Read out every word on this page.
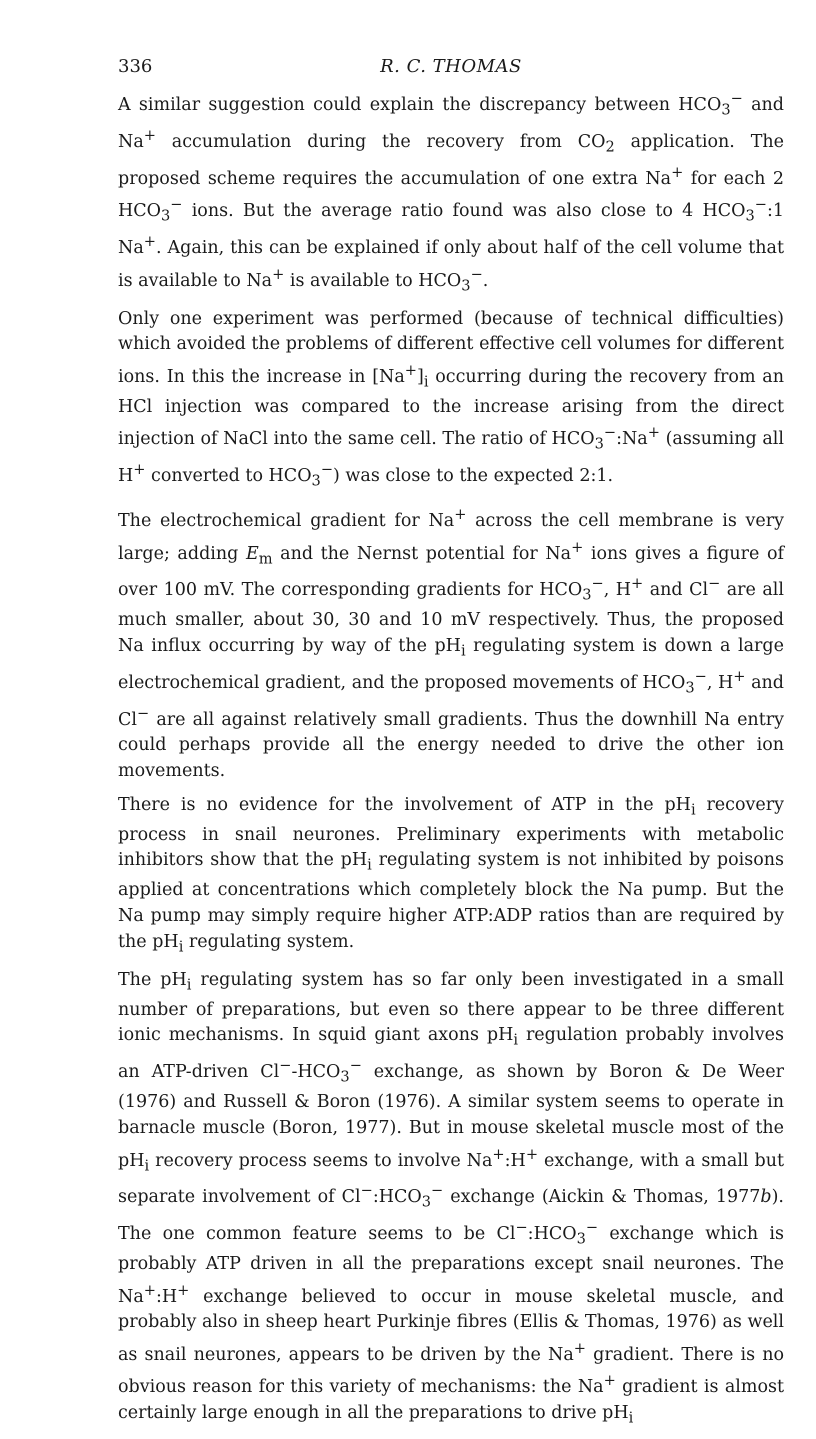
336	R. C. THOMAS

A similar suggestion could explain the discrepancy between $HCO_3^-$ and Na+ accumulation during the recovery from $CO_2$ application. The proposed scheme requires the accumulation of one extra Na+ for each 2 $HCO_3^-$ ions. But the average ratio found was also close to 4 $HCO_3^-:1$ Na+. Again, this can be explained if only about half of the cell volume that is available to Na+ is available to $HCO_3^-$.

Only one experiment was performed (because of technical difficulties) which avoided the problems of different effective cell volumes for different ions. In this the increase in $[Na^+]_i$ occurring during the recovery from an HCl injection was compared to the increase arising from the direct injection of NaCl into the same cell. The ratio of $HCO_3^-:Na^+$ (assuming all H+ converted to $HCO_3^-$) was close to the expected 2:1.

The electrochemical gradient for Na+ across the cell membrane is very large; adding $E_m$ and the Nernst potential for Na+ ions gives a figure of over 100 mV. The corresponding gradients for $HCO_3^-$, H+ and Cl− are all much smaller, about 30, 30 and 10 mV respectively. Thus, the proposed Na influx occurring by way of the $pH_i$ regulating system is down a large electrochemical gradient, and the proposed movements of $HCO_3^-$, H+ and Cl− are all against relatively small gradients. Thus the downhill Na entry could perhaps provide all the energy needed to drive the other ion movements.

There is no evidence for the involvement of ATP in the $pH_i$ recovery process in snail neurones. Preliminary experiments with metabolic inhibitors show that the $pH_i$ regulating system is not inhibited by poisons applied at concentrations which completely block the Na pump. But the Na pump may simply require higher ATP:ADP ratios than are required by the $pH_i$ regulating system.

The $pH_i$ regulating system has so far only been investigated in a small number of preparations, but even so there appear to be three different ionic mechanisms. In squid giant axons $pH_i$ regulation probably involves an ATP-driven $Cl^--HCO_3^-$ exchange, as shown by Boron & De Weer (1976) and Russell & Boron (1976). A similar system seems to operate in barnacle muscle (Boron, 1977). But in mouse skeletal muscle most of the $pH_i$ recovery process seems to involve Na+:H+ exchange, with a small but separate involvement of $Cl^-:HCO_3^-$ exchange (Aickin & Thomas, 1977b). The one common feature seems to be $Cl^-:HCO_3^-$ exchange which is probably ATP driven in all the preparations except snail neurones. The Na+:H+ exchange believed to occur in mouse skeletal muscle, and probably also in sheep heart Purkinje fibres (Ellis & Thomas, 1976) as well as snail neurones, appears to be driven by the Na+ gradient. There is no obvious reason for this variety of mechanisms: the Na+ gradient is almost certainly large enough in all the preparations to drive $pH_i$
